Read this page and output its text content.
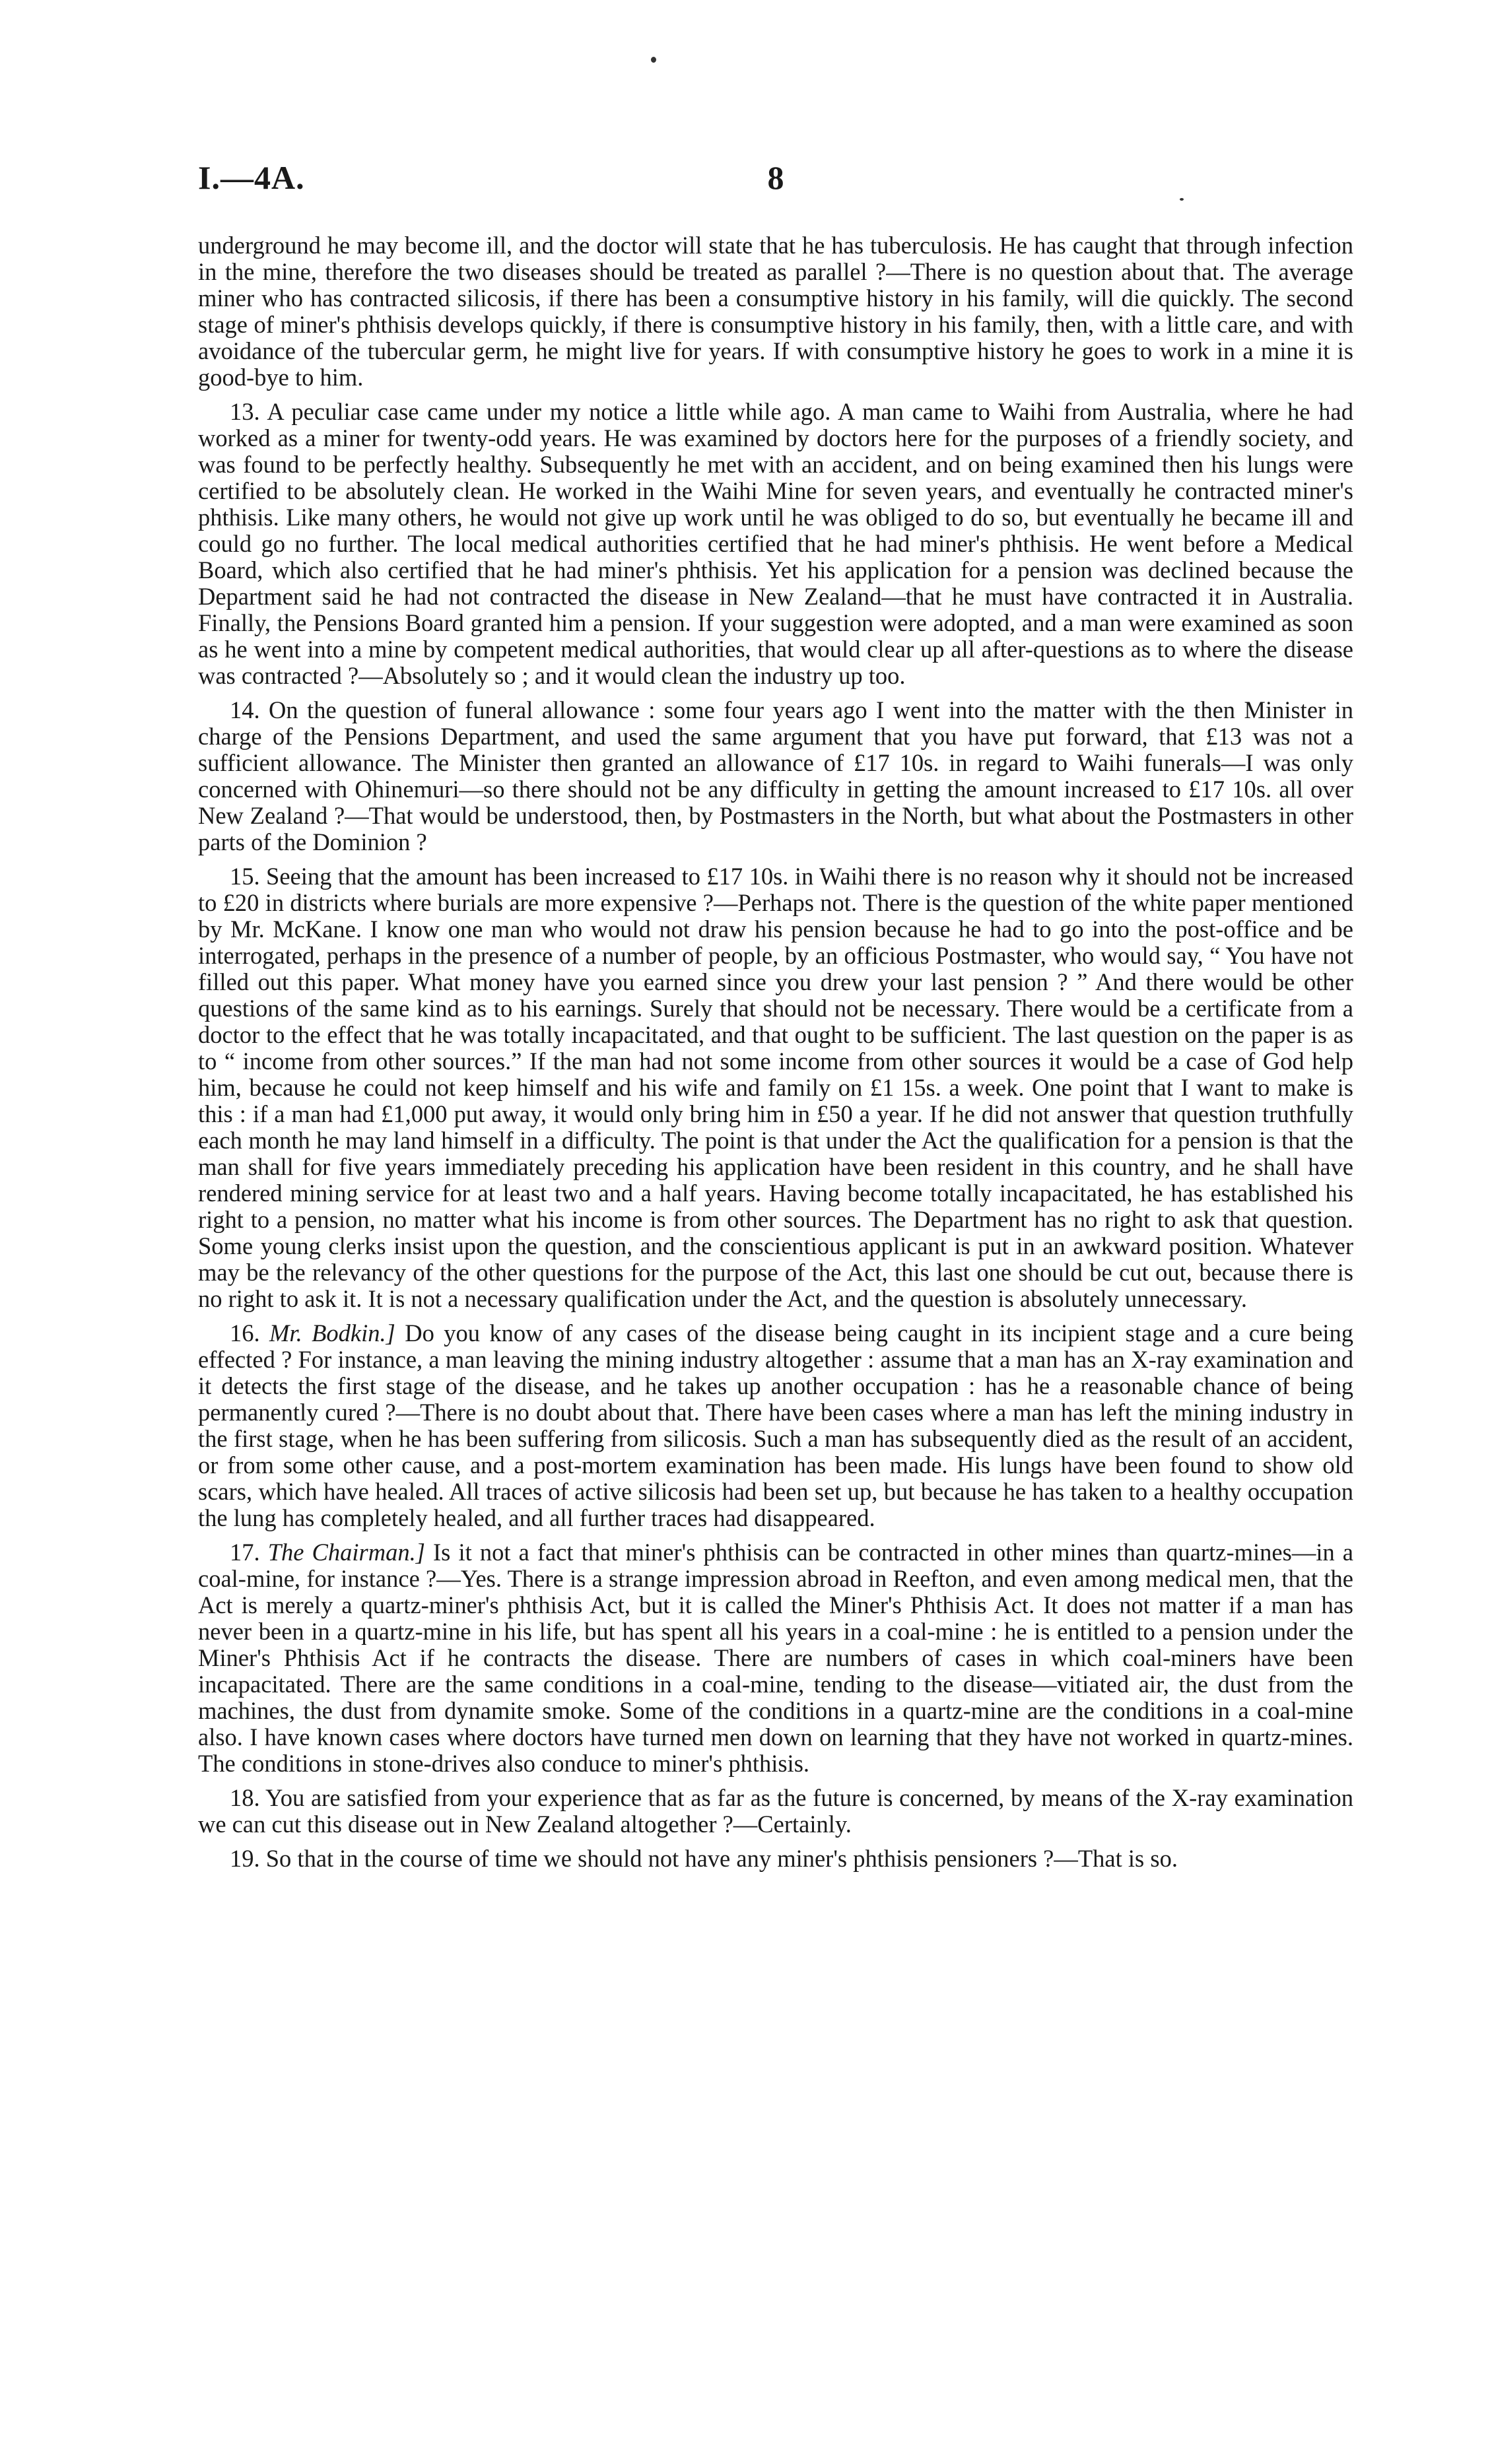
I.—4A.	8

underground he may become ill, and the doctor will state that he has tuberculosis. He has caught that through infection in the mine, therefore the two diseases should be treated as parallel ?—There is no question about that. The average miner who has contracted silicosis, if there has been a consumptive history in his family, will die quickly. The second stage of miner's phthisis develops quickly, if there is consumptive history in his family, then, with a little care, and with avoidance of the tubercular germ, he might live for years. If with consumptive history he goes to work in a mine it is good-bye to him.

13. A peculiar case came under my notice a little while ago. A man came to Waihi from Australia, where he had worked as a miner for twenty-odd years. He was examined by doctors here for the purposes of a friendly society, and was found to be perfectly healthy. Subsequently he met with an accident, and on being examined then his lungs were certified to be absolutely clean. He worked in the Waihi Mine for seven years, and eventually he contracted miner's phthisis. Like many others, he would not give up work until he was obliged to do so, but eventually he became ill and could go no further. The local medical authorities certified that he had miner's phthisis. He went before a Medical Board, which also certified that he had miner's phthisis. Yet his application for a pension was declined because the Department said he had not contracted the disease in New Zealand—that he must have contracted it in Australia. Finally, the Pensions Board granted him a pension. If your suggestion were adopted, and a man were examined as soon as he went into a mine by competent medical authorities, that would clear up all after-questions as to where the disease was contracted ?—Absolutely so ; and it would clean the industry up too.

14. On the question of funeral allowance : some four years ago I went into the matter with the then Minister in charge of the Pensions Department, and used the same argument that you have put forward, that £13 was not a sufficient allowance. The Minister then granted an allowance of £17 10s. in regard to Waihi funerals—I was only concerned with Ohinemuri—so there should not be any difficulty in getting the amount increased to £17 10s. all over New Zealand ?—That would be understood, then, by Postmasters in the North, but what about the Postmasters in other parts of the Dominion ?

15. Seeing that the amount has been increased to £17 10s. in Waihi there is no reason why it should not be increased to £20 in districts where burials are more expensive ?—Perhaps not. There is the question of the white paper mentioned by Mr. McKane. I know one man who would not draw his pension because he had to go into the post-office and be interrogated, perhaps in the presence of a number of people, by an officious Postmaster, who would say, “ You have not filled out this paper. What money have you earned since you drew your last pension ? ” And there would be other questions of the same kind as to his earnings. Surely that should not be necessary. There would be a certificate from a doctor to the effect that he was totally incapacitated, and that ought to be sufficient. The last question on the paper is as to “ income from other sources.” If the man had not some income from other sources it would be a case of God help him, because he could not keep himself and his wife and family on £1 15s. a week. One point that I want to make is this : if a man had £1,000 put away, it would only bring him in £50 a year. If he did not answer that question truthfully each month he may land himself in a difficulty. The point is that under the Act the qualification for a pension is that the man shall for five years immediately preceding his application have been resident in this country, and he shall have rendered mining service for at least two and a half years. Having become totally incapacitated, he has established his right to a pension, no matter what his income is from other sources. The Department has no right to ask that question. Some young clerks insist upon the question, and the conscientious applicant is put in an awkward position. Whatever may be the relevancy of the other questions for the purpose of the Act, this last one should be cut out, because there is no right to ask it. It is not a necessary qualification under the Act, and the question is absolutely unnecessary.

16. Mr. Bodkin.] Do you know of any cases of the disease being caught in its incipient stage and a cure being effected ? For instance, a man leaving the mining industry altogether : assume that a man has an X-ray examination and it detects the first stage of the disease, and he takes up another occupation : has he a reasonable chance of being permanently cured ?—There is no doubt about that. There have been cases where a man has left the mining industry in the first stage, when he has been suffering from silicosis. Such a man has subsequently died as the result of an accident, or from some other cause, and a post-mortem examination has been made. His lungs have been found to show old scars, which have healed. All traces of active silicosis had been set up, but because he has taken to a healthy occupation the lung has completely healed, and all further traces had disappeared.

17. The Chairman.] Is it not a fact that miner's phthisis can be contracted in other mines than quartz-mines—in a coal-mine, for instance ?—Yes. There is a strange impression abroad in Reefton, and even among medical men, that the Act is merely a quartz-miner's phthisis Act, but it is called the Miner's Phthisis Act. It does not matter if a man has never been in a quartz-mine in his life, but has spent all his years in a coal-mine : he is entitled to a pension under the Miner's Phthisis Act if he contracts the disease. There are numbers of cases in which coal-miners have been incapacitated. There are the same conditions in a coal-mine, tending to the disease—vitiated air, the dust from the machines, the dust from dynamite smoke. Some of the conditions in a quartz-mine are the conditions in a coal-mine also. I have known cases where doctors have turned men down on learning that they have not worked in quartz-mines. The conditions in stone-drives also conduce to miner's phthisis.

18. You are satisfied from your experience that as far as the future is concerned, by means of the X-ray examination we can cut this disease out in New Zealand altogether ?—Certainly.

19. So that in the course of time we should not have any miner's phthisis pensioners ?—That is so.
